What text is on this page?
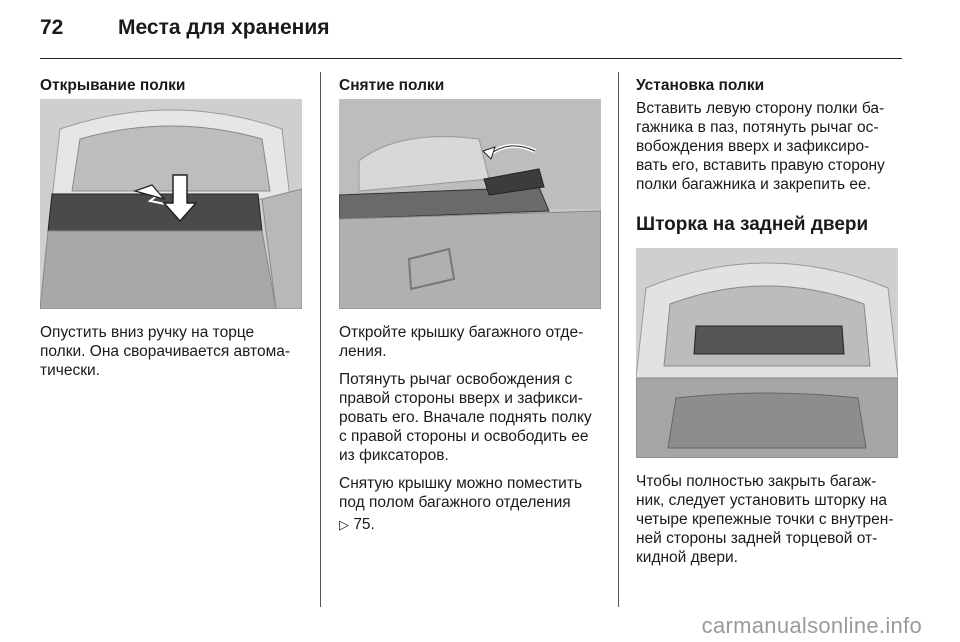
72	Места для хранения
Открывание полки

Опустить вниз ручку на торце полки. Она сворачивается автома-тически.

Снятие полки

Откройте крышку багажного отде-ления.

Потянуть рычаг освобождения с правой стороны вверх и зафикси-ровать его. Вначале поднять полку с правой стороны и освободить ее из фиксаторов.

Снятую крышку можно поместить под полом багажного отделения

▷ 75.

Установка полки

Вставить левую сторону полки ба-гажника в паз, потянуть рычаг ос-вобождения вверх и зафиксиро-вать его, вставить правую сторону полки багажника и закрепить ее.

Шторка на задней двери

Чтобы полностью закрыть багаж-ник, следует установить шторку на четыре крепежные точки с внутрен-ней стороны задней торцевой от-кидной двери.

carmanualsonline.info
